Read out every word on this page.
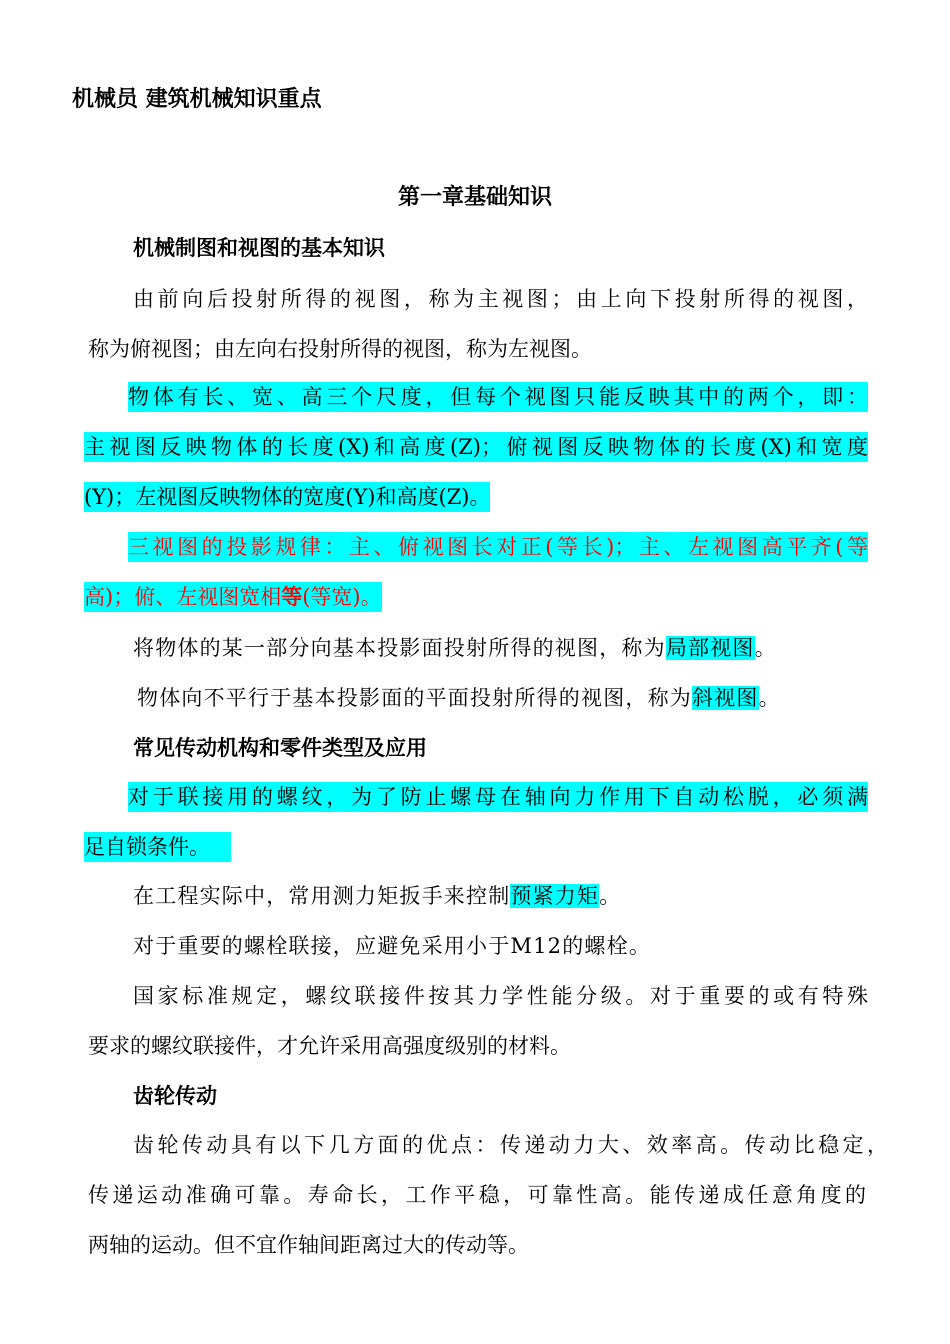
机械员 建筑机械知识重点
第一章基础知识
机械制图和视图的基本知识
由前向后投射所得的视图，称为主视图；由上向下投射所得的视图，
称为俯视图；由左向右投射所得的视图，称为左视图。
物体有长、宽、高三个尺度，但每个视图只能反映其中的两个，即：
主视图反映物体的长度(X)和高度(Z)；俯视图反映物体的长度(X)和宽度
(Y)；左视图反映物体的宽度(Y)和高度(Z)。
三视图的投影规律：主、俯视图长对正(等长)；主、左视图高平齐(等
高)；俯、左视图宽相等(等宽)。
将物体的某一部分向基本投影面投射所得的视图，称为局部视图。
物体向不平行于基本投影面的平面投射所得的视图，称为斜视图。
常见传动机构和零件类型及应用
对于联接用的螺纹，为了防止螺母在轴向力作用下自动松脱，必须满
足自锁条件。 
在工程实际中，常用测力矩扳手来控制预紧力矩。
对于重要的螺栓联接，应避免采用小于M12的螺栓。
国家标准规定，螺纹联接件按其力学性能分级。对于重要的或有特殊
要求的螺纹联接件，才允许采用高强度级别的材料。
齿轮传动
齿轮传动具有以下几方面的优点：传递动力大、效率高。传动比稳定，
传递运动准确可靠。寿命长，工作平稳，可靠性高。能传递成任意角度的
两轴的运动。但不宜作轴间距离过大的传动等。
